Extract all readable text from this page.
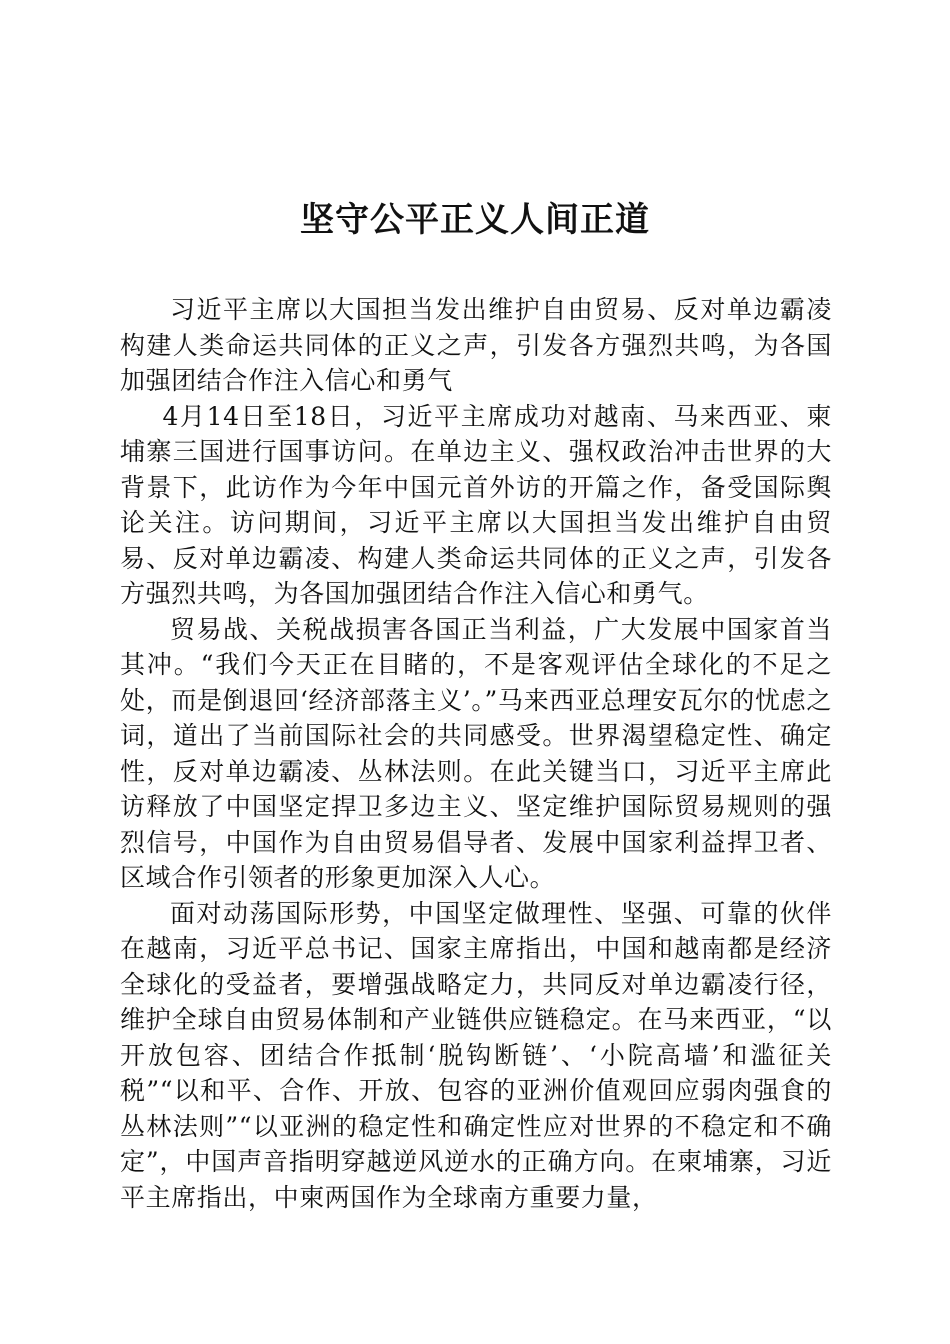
坚守公平正义人间正道

习近平主席以大国担当发出维护自由贸易、反对单边霸凌构建人类命运共同体的正义之声，引发各方强烈共鸣，为各国加强团结合作注入信心和勇气

4月14日至18日，习近平主席成功对越南、马来西亚、柬埔寨三国进行国事访问。在单边主义、强权政治冲击世界的大背景下，此访作为今年中国元首外访的开篇之作，备受国际舆论关注。访问期间，习近平主席以大国担当发出维护自由贸易、反对单边霸凌、构建人类命运共同体的正义之声，引发各方强烈共鸣，为各国加强团结合作注入信心和勇气。

贸易战、关税战损害各国正当利益，广大发展中国家首当其冲。“我们今天正在目睹的，不是客观评估全球化的不足之处，而是倒退回‘经济部落主义’。”马来西亚总理安瓦尔的忧虑之词，道出了当前国际社会的共同感受。世界渴望稳定性、确定性，反对单边霸凌、丛林法则。在此关键当口，习近平主席此访释放了中国坚定捍卫多边主义、坚定维护国际贸易规则的强烈信号，中国作为自由贸易倡导者、发展中国家利益捍卫者、区域合作引领者的形象更加深入人心。

面对动荡国际形势，中国坚定做理性、坚强、可靠的伙伴在越南，习近平总书记、国家主席指出，中国和越南都是经济全球化的受益者，要增强战略定力，共同反对单边霸凌行径，维护全球自由贸易体制和产业链供应链稳定。在马来西亚，“以开放包容、团结合作抵制‘脱钩断链’、‘小院高墙’和滥征关税”“以和平、合作、开放、包容的亚洲价值观回应弱肉强食的丛林法则”“以亚洲的稳定性和确定性应对世界的不稳定和不确定”，中国声音指明穿越逆风逆水的正确方向。在柬埔寨，习近平主席指出，中柬两国作为全球南方重要力量，
